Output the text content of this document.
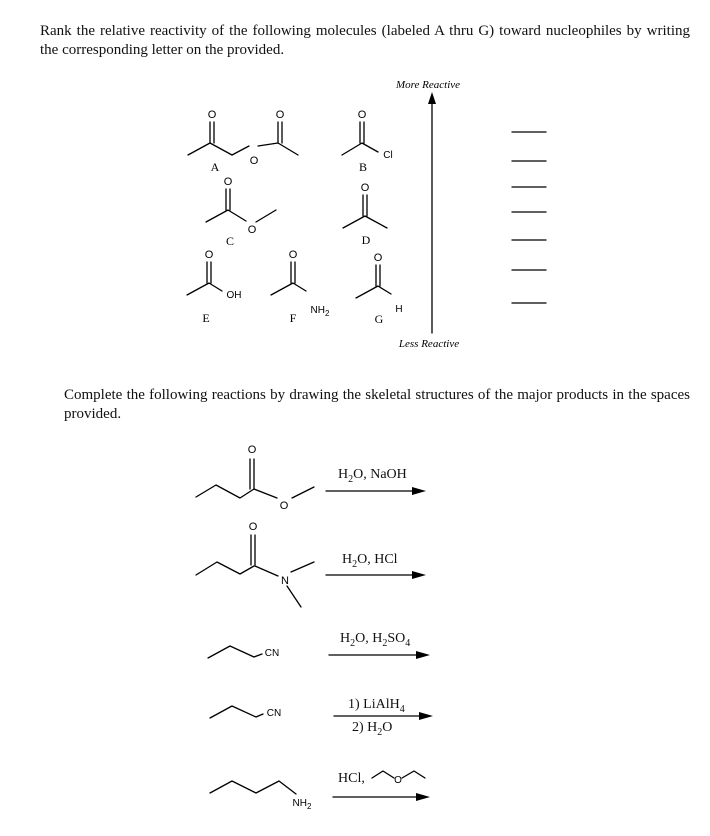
Rank the relative reactivity of the following molecules (labeled A thru G) toward nucleophiles by writing the corresponding letter on the provided.
O
O
O
A
O
Cl
B
O
O
C
O
D
O
OH
E
O
$NH_2$
F
O
H
G
More Reactive
Less Reactive
O
O
O
N
CN
CN
$NH_2$
O
Complete the following reactions by drawing the skeletal structures of the major products in the spaces provided.
$H_2O$, NaOH
$H_2O$, HCl
$H_2O$, $H_2SO_4$
1) LiAlH$_4$
2) $H_2O$
HCl,
